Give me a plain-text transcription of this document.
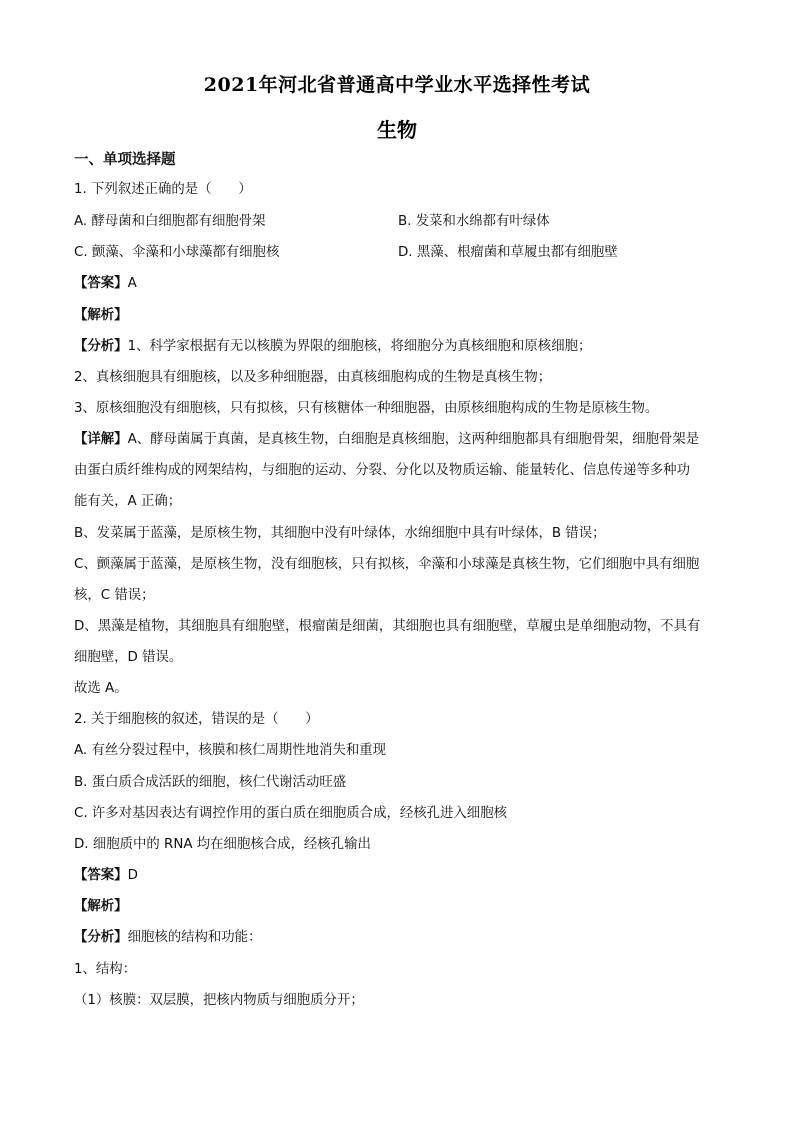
2021年河北省普通高中学业水平选择性考试
生物
一、单项选择题
1. 下列叙述正确的是（　　）
A. 酵母菌和白细胞都有细胞骨架	B. 发菜和水绵都有叶绿体
C. 颤藻、伞藻和小球藻都有细胞核	D. 黑藻、根瘤菌和草履虫都有细胞壁
【答案】A
【解析】
【分析】1、科学家根据有无以核膜为界限的细胞核，将细胞分为真核细胞和原核细胞；
2、真核细胞具有细胞核，以及多种细胞器，由真核细胞构成的生物是真核生物；
3、原核细胞没有细胞核，只有拟核，只有核糖体一种细胞器，由原核细胞构成的生物是原核生物。
【详解】A、酵母菌属于真菌，是真核生物，白细胞是真核细胞，这两种细胞都具有细胞骨架，细胞骨架是
由蛋白质纤维构成的网架结构，与细胞的运动、分裂、分化以及物质运输、能量转化、信息传递等多种功
能有关，A 正确；
B、发菜属于蓝藻，是原核生物，其细胞中没有叶绿体，水绵细胞中具有叶绿体，B 错误；
C、颤藻属于蓝藻，是原核生物，没有细胞核，只有拟核，伞藻和小球藻是真核生物，它们细胞中具有细胞
核，C 错误；
D、黑藻是植物，其细胞具有细胞壁，根瘤菌是细菌，其细胞也具有细胞壁，草履虫是单细胞动物，不具有
细胞壁，D 错误。
故选 A。
2. 关于细胞核的叙述，错误的是（　　）
A. 有丝分裂过程中，核膜和核仁周期性地消失和重现
B. 蛋白质合成活跃的细胞，核仁代谢活动旺盛
C. 许多对基因表达有调控作用的蛋白质在细胞质合成，经核孔进入细胞核
D. 细胞质中的 RNA 均在细胞核合成，经核孔输出
【答案】D
【解析】
【分析】细胞核的结构和功能：
1、结构：
（1）核膜：双层膜，把核内物质与细胞质分开；
